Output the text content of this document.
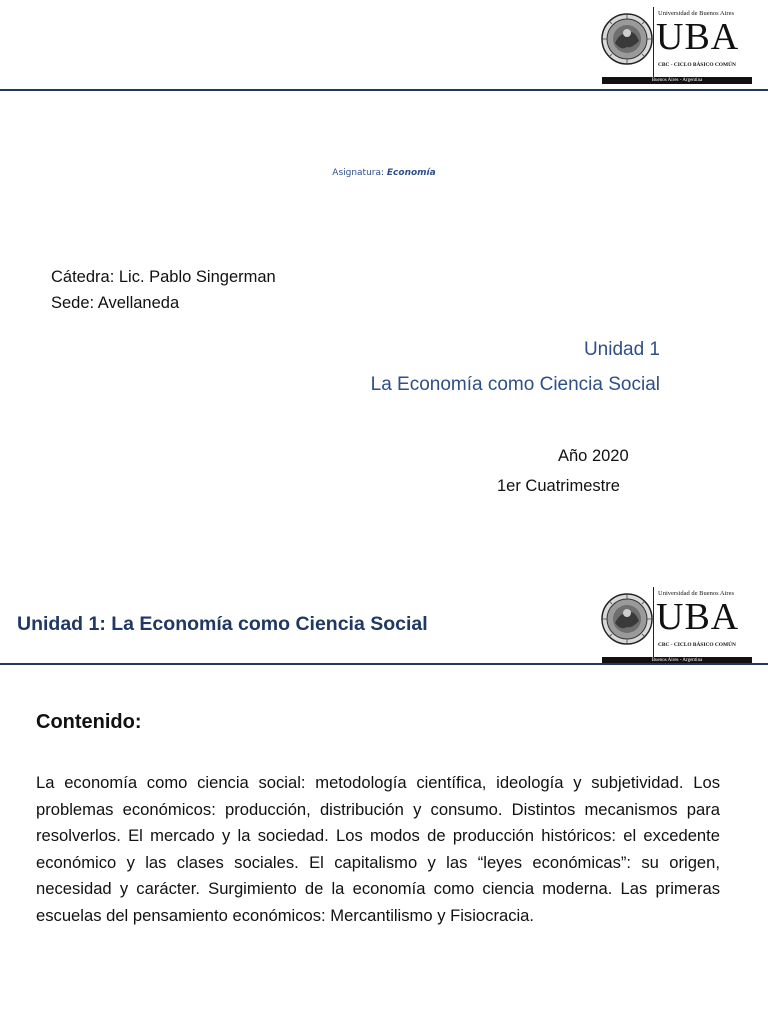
Universidad de Buenos Aires
UBA
CBC - CICLO BÁSICO COMÚN
Buenos Aires - Argentina
Asignatura: Economía
Cátedra: Lic. Pablo Singerman
Sede: Avellaneda
Unidad 1
La Economía como Ciencia Social
Año 2020
1er Cuatrimestre
Unidad 1: La Economía como Ciencia Social
Universidad de Buenos Aires
UBA
CBC - CICLO BÁSICO COMÚN
Buenos Aires - Argentina
Contenido:
La economía como ciencia social: metodología científica, ideología y subjetividad. Los problemas económicos: producción, distribución y consumo. Distintos mecanismos para resolverlos. El mercado y la sociedad. Los modos de producción históricos: el excedente económico y las clases sociales. El capitalismo y las “leyes económicas”: su origen, necesidad y carácter. Surgimiento de la economía como ciencia moderna. Las primeras escuelas del pensamiento económicos: Mercantilismo y Fisiocracia.
